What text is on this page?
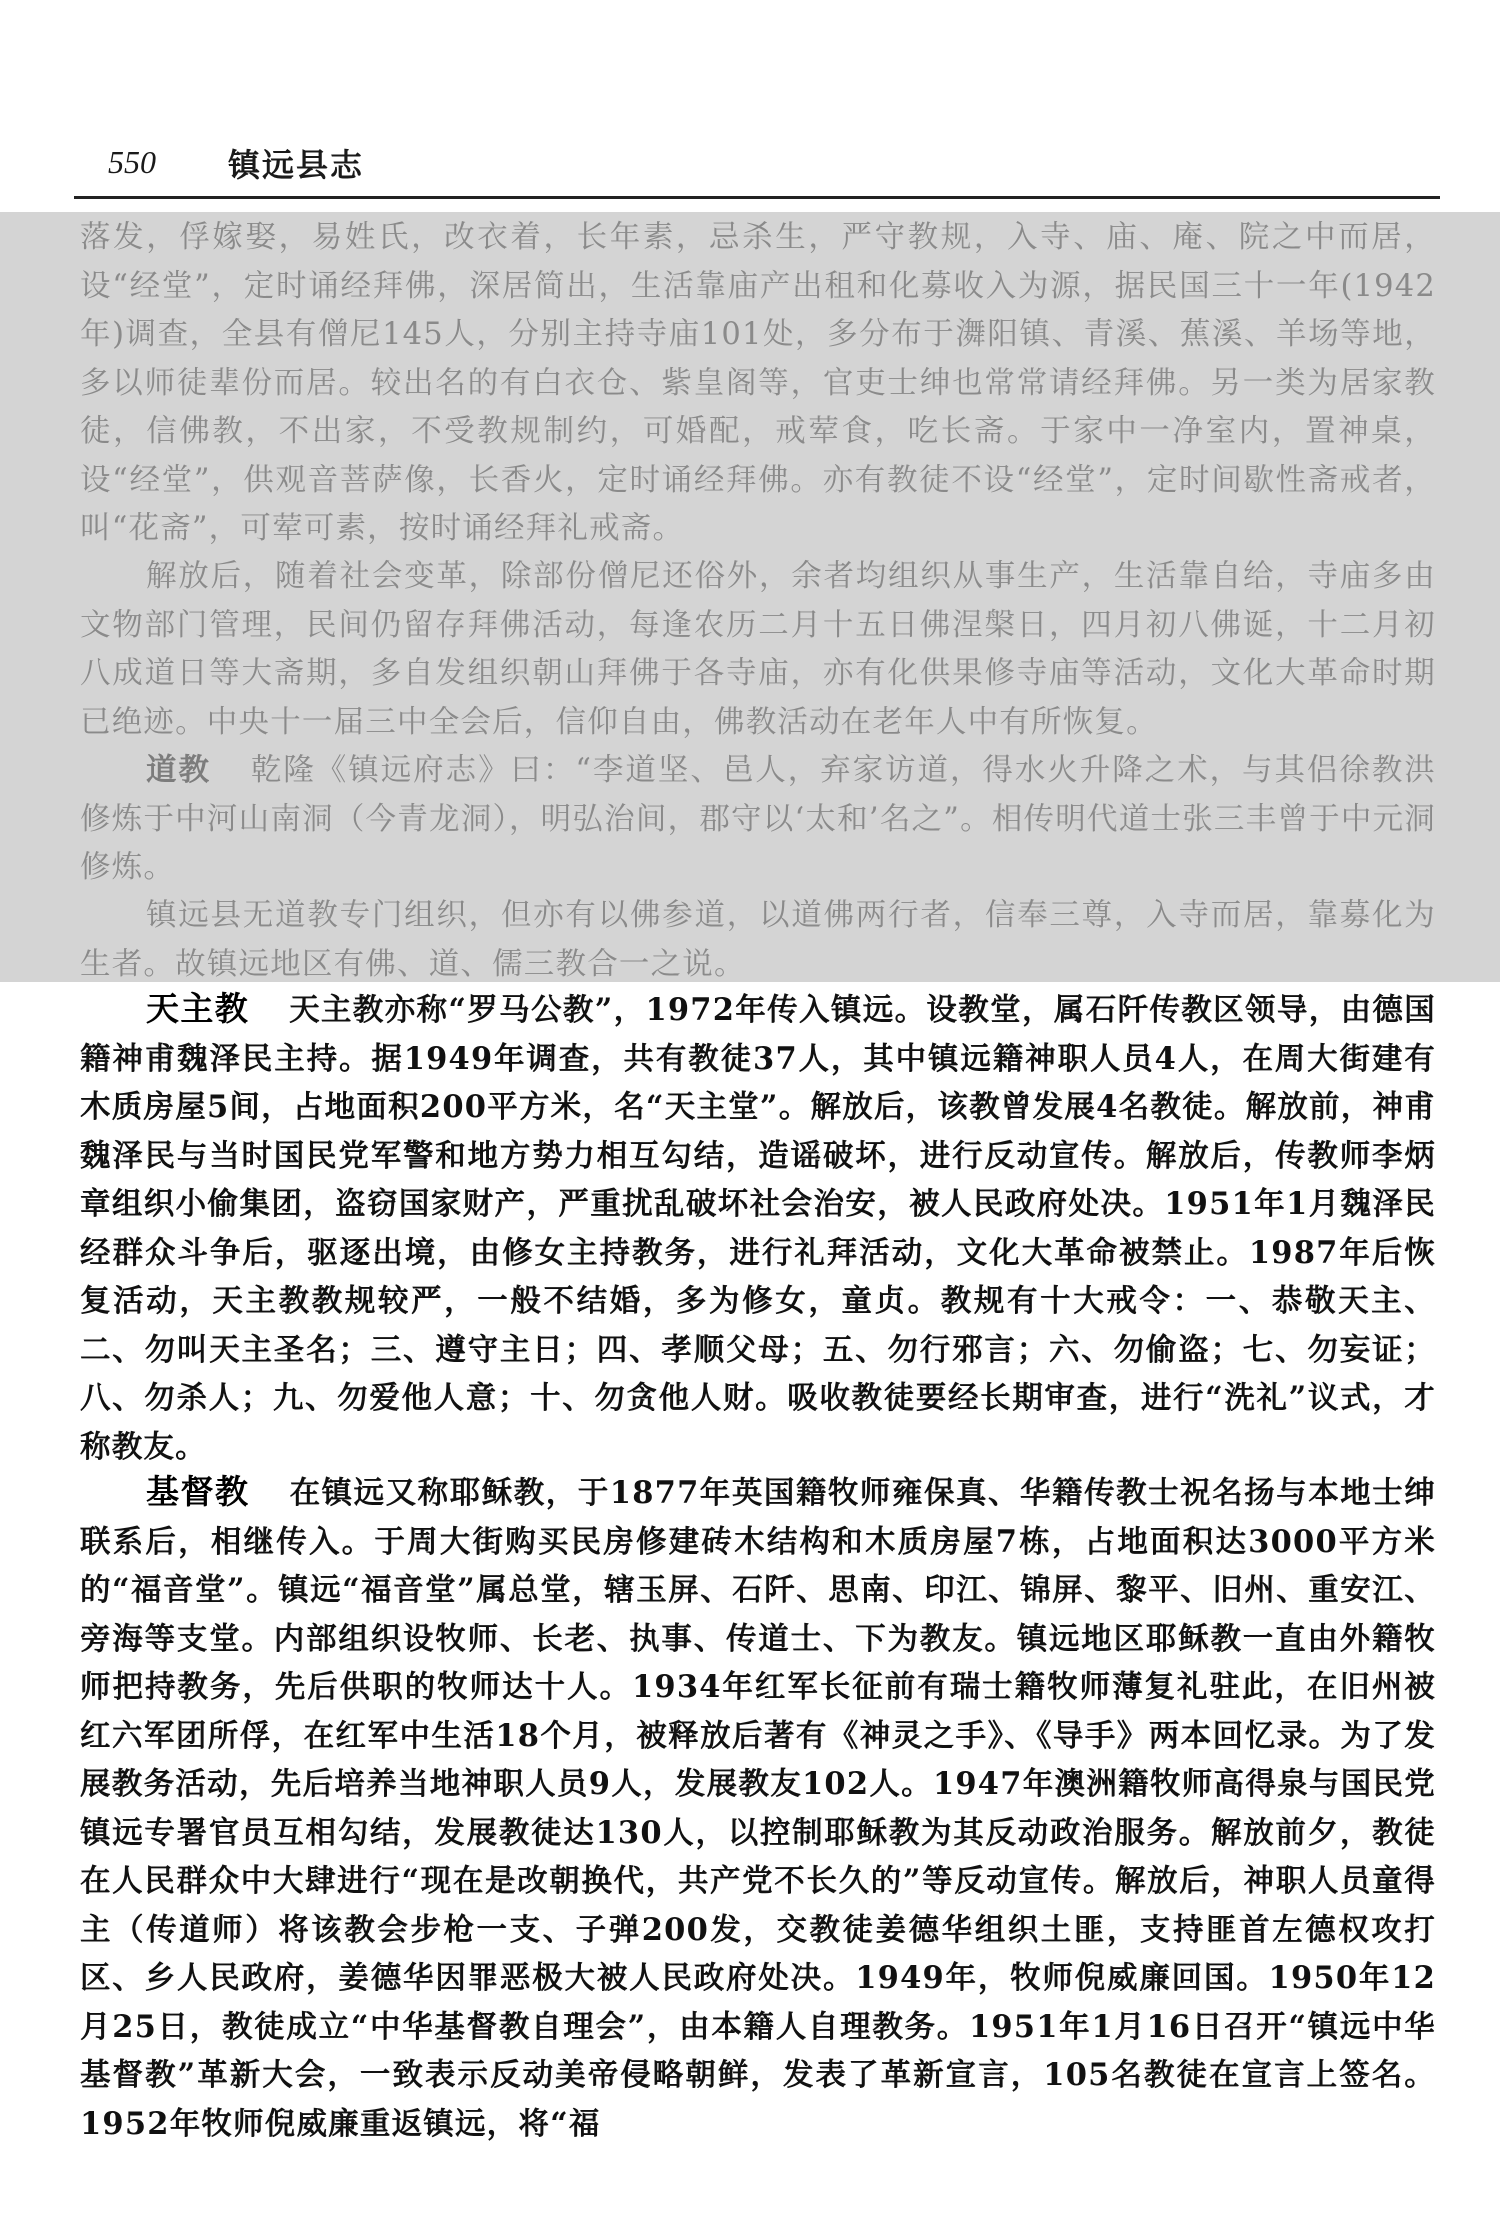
550 镇远县志

落发，俘嫁娶，易姓氏，改衣着，长年素，忌杀生，严守教规，入寺、庙、庵、院之中而居，设“经堂”，定时诵经拜佛，深居简出，生活靠庙产出租和化募收入为源，据民国三十一年(1942年)调查，全县有僧尼145人，分别主持寺庙101处，多分布于㵲阳镇、青溪、蕉溪、羊场等地，多以师徒辈份而居。较出名的有白衣仓、紫皇阁等，官吏士绅也常常请经拜佛。另一类为居家教徒，信佛教，不出家，不受教规制约，可婚配，戒荤食，吃长斋。于家中一净室内，置神桌，设“经堂”，供观音菩萨像，长香火，定时诵经拜佛。亦有教徒不设“经堂”，定时间歇性斋戒者，叫“花斋”，可荤可素，按时诵经拜礼戒斋。

解放后，随着社会变革，除部份僧尼还俗外，余者均组织从事生产，生活靠自给，寺庙多由文物部门管理，民间仍留存拜佛活动，每逢农历二月十五日佛涅槃日，四月初八佛诞，十二月初八成道日等大斋期，多自发组织朝山拜佛于各寺庙，亦有化供果修寺庙等活动，文化大革命时期已绝迹。中央十一届三中全会后，信仰自由，佛教活动在老年人中有所恢复。

道教 乾隆《镇远府志》曰：“李道坚、邑人，弃家访道，得水火升降之术，与其侣徐教洪修炼于中河山南洞（今青龙洞），明弘治间，郡守以‘太和’名之”。相传明代道士张三丰曾于中元洞修炼。

镇远县无道教专门组织，但亦有以佛参道，以道佛两行者，信奉三尊，入寺而居，靠募化为生者。故镇远地区有佛、道、儒三教合一之说。

天主教 天主教亦称“罗马公教”，1972年传入镇远。设教堂，属石阡传教区领导，由德国籍神甫魏泽民主持。据1949年调查，共有教徒37人，其中镇远籍神职人员4人，在周大街建有木质房屋5间，占地面积200平方米，名“天主堂”。解放后，该教曾发展4名教徒。解放前，神甫魏泽民与当时国民党军警和地方势力相互勾结，造谣破坏，进行反动宣传。解放后，传教师李炳章组织小偷集团，盗窃国家财产，严重扰乱破坏社会治安，被人民政府处决。1951年1月魏泽民经群众斗争后，驱逐出境，由修女主持教务，进行礼拜活动，文化大革命被禁止。1987年后恢复活动，天主教教规较严，一般不结婚，多为修女，童贞。教规有十大戒令：一、恭敬天主、二、勿叫天主圣名；三、遵守主日；四、孝顺父母；五、勿行邪言；六、勿偷盗；七、勿妄证；八、勿杀人；九、勿爱他人意；十、勿贪他人财。吸收教徒要经长期审查，进行“洗礼”议式，才称教友。

基督教 在镇远又称耶稣教，于1877年英国籍牧师雍保真、华籍传教士祝名扬与本地士绅联系后，相继传入。于周大街购买民房修建砖木结构和木质房屋7栋，占地面积达3000平方米的“福音堂”。镇远“福音堂”属总堂，辖玉屏、石阡、思南、印江、锦屏、黎平、旧州、重安江、旁海等支堂。内部组织设牧师、长老、执事、传道士、下为教友。镇远地区耶稣教一直由外籍牧师把持教务，先后供职的牧师达十人。1934年红军长征前有瑞士籍牧师薄复礼驻此，在旧州被红六军团所俘，在红军中生活18个月，被释放后著有《神灵之手》、《导手》两本回忆录。为了发展教务活动，先后培养当地神职人员9人，发展教友102人。1947年澳洲籍牧师高得泉与国民党镇远专署官员互相勾结，发展教徒达130人，以控制耶稣教为其反动政治服务。解放前夕，教徒在人民群众中大肆进行“现在是改朝换代，共产党不长久的”等反动宣传。解放后，神职人员童得主（传道师）将该教会步枪一支、子弹200发，交教徒姜德华组织土匪，支持匪首左德权攻打区、乡人民政府，姜德华因罪恶极大被人民政府处决。1949年，牧师倪威廉回国。1950年12月25日，教徒成立“中华基督教自理会”，由本籍人自理教务。1951年1月16日召开“镇远中华基督教”革新大会，一致表示反动美帝侵略朝鲜，发表了革新宣言，105名教徒在宣言上签名。1952年牧师倪威廉重返镇远，将“福
